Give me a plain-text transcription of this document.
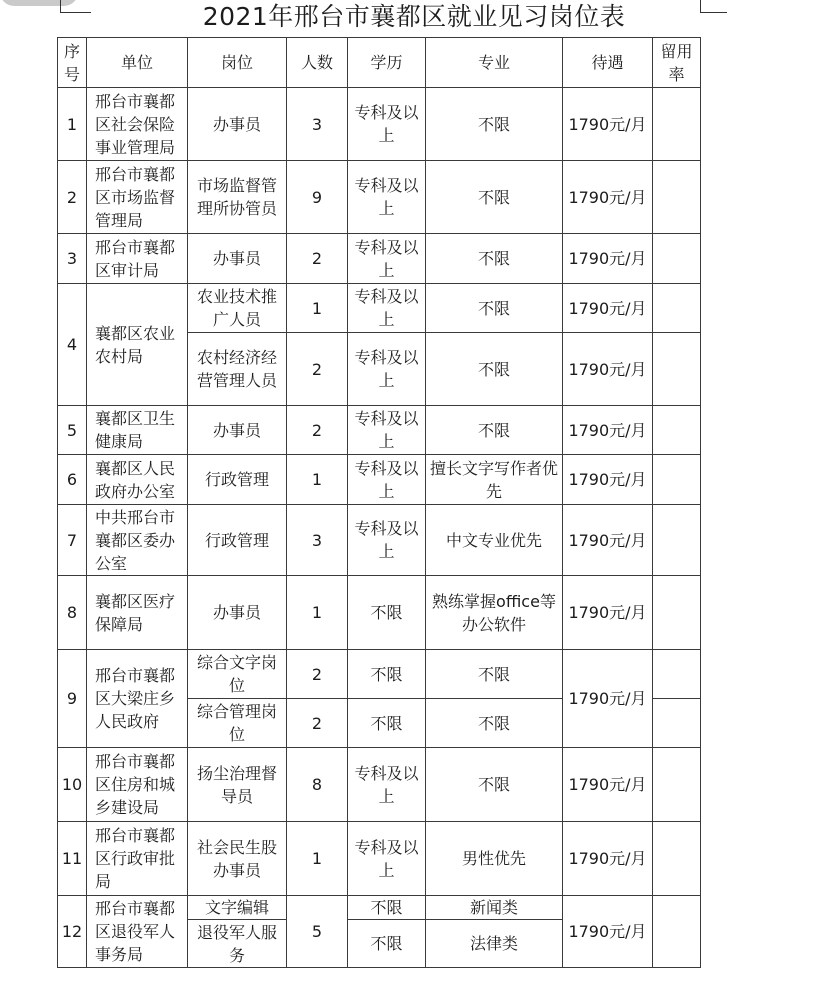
2021年邢台市襄都区就业见习岗位表
序号	单位	岗位	人数	学历	专业	待遇	留用率
1	邢台市襄都区社会保险事业管理局	办事员	3	专科及以上	不限	1790元/月	
2	邢台市襄都区市场监督管理局	市场监督管理所协管员	9	专科及以上	不限	1790元/月	
3	邢台市襄都区审计局	办事员	2	专科及以上	不限	1790元/月	
4	襄都区农业农村局	农业技术推广人员	1	专科及以上	不限	1790元/月	
		农村经济经营管理人员	2	专科及以上	不限	1790元/月	
5	襄都区卫生健康局	办事员	2	专科及以上	不限	1790元/月	
6	襄都区人民政府办公室	行政管理	1	专科及以上	擅长文字写作者优先	1790元/月	
7	中共邢台市襄都区委办公室	行政管理	3	专科及以上	中文专业优先	1790元/月	
8	襄都区医疗保障局	办事员	1	不限	熟练掌握office等办公软件	1790元/月	
9	邢台市襄都区大梁庄乡人民政府	综合文字岗位	2	不限	不限	1790元/月	
		综合管理岗位	2	不限	不限		
10	邢台市襄都区住房和城乡建设局	扬尘治理督导员	8	专科及以上	不限	1790元/月	
11	邢台市襄都区行政审批局	社会民生股办事员	1	专科及以上	男性优先	1790元/月	
12	邢台市襄都区退役军人事务局	文字编辑	5	不限	新闻类	1790元/月	
		退役军人服务		不限	法律类		
